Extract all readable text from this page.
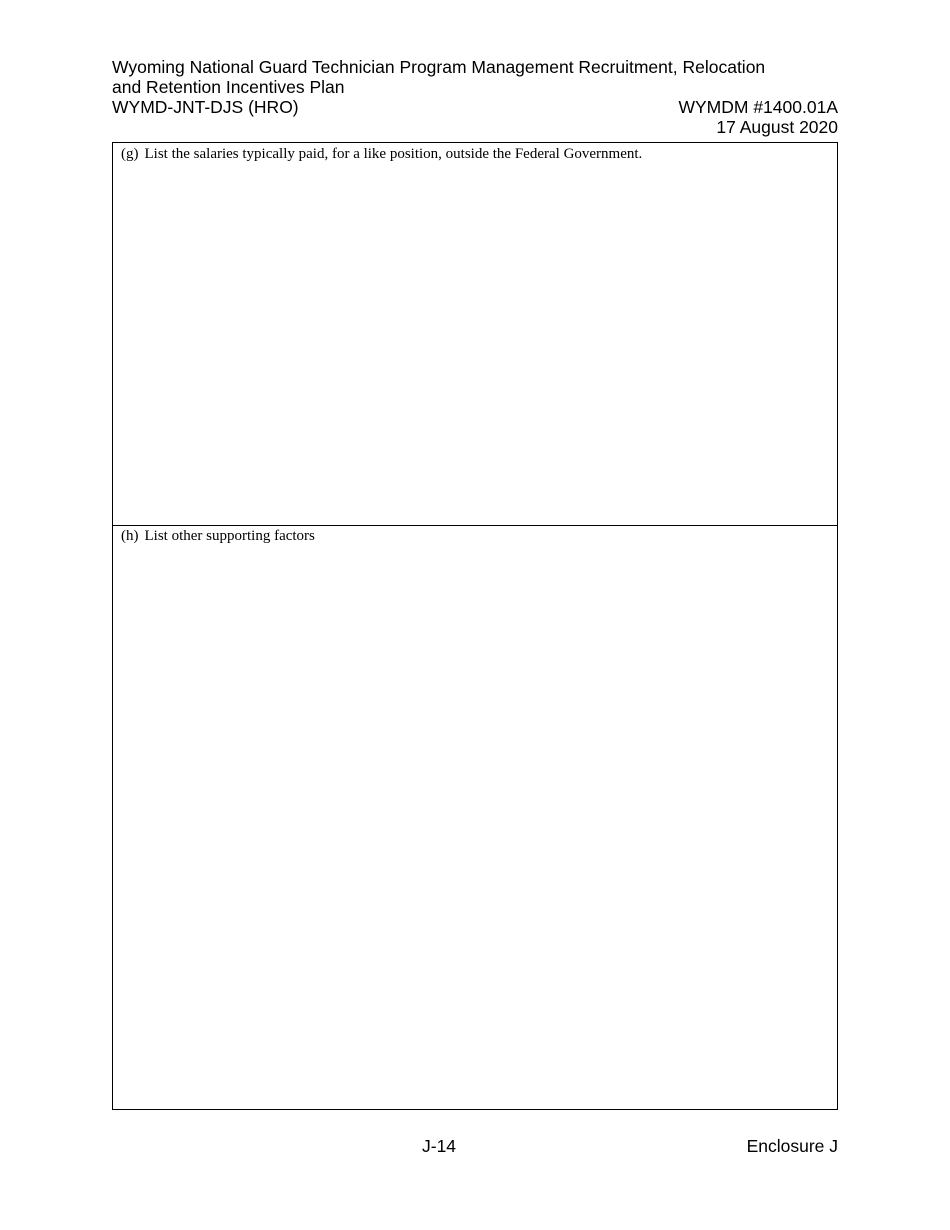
Wyoming National Guard Technician Program Management Recruitment, Relocation
and Retention Incentives Plan
WYMD-JNT-DJS (HRO)	WYMDM #1400.01A
17 August 2020
(g) List the salaries typically paid, for a like position, outside the Federal Government.
(h) List other supporting factors
J-14	Enclosure J
